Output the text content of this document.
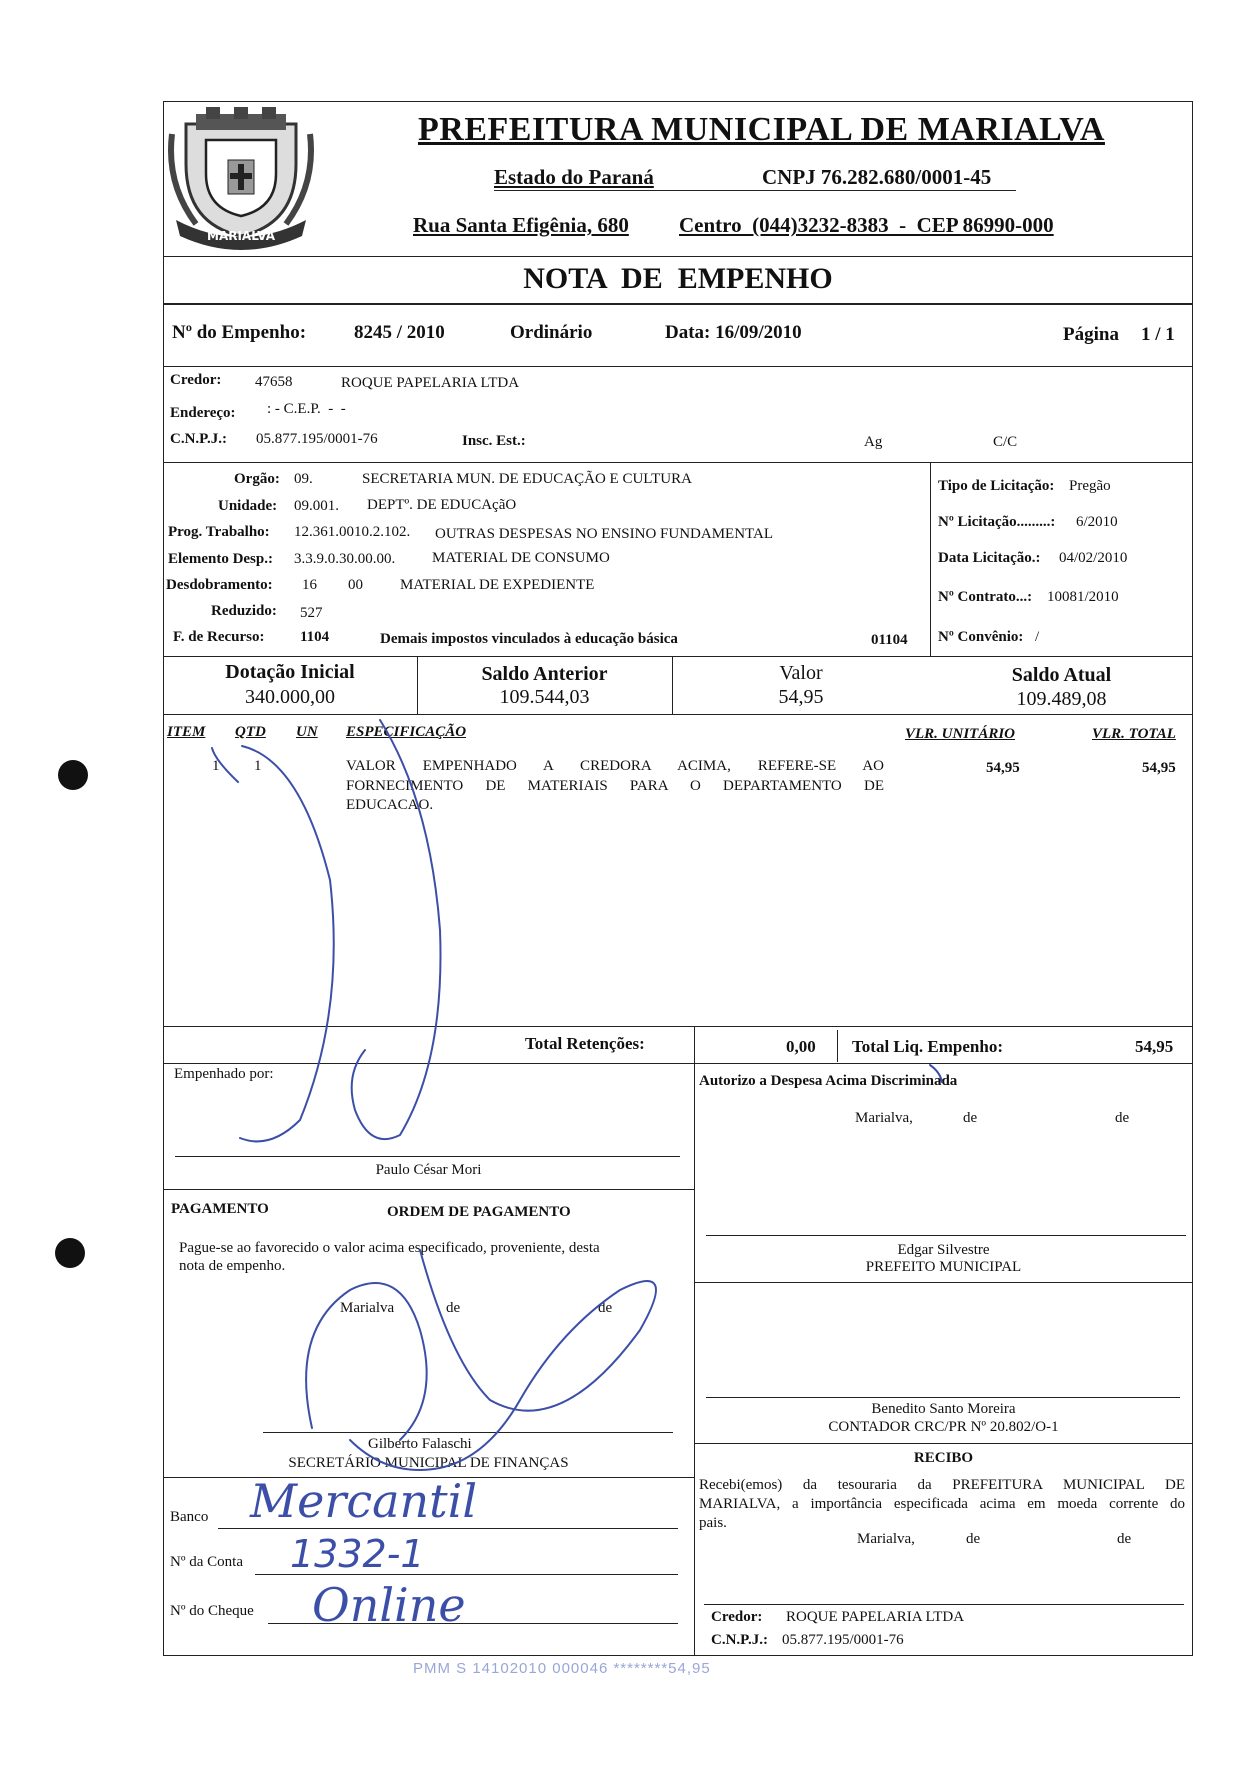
MARIALVA
PREFEITURA MUNICIPAL DE MARIALVA
Estado do Paraná	CNPJ 76.282.680/0001-45
Rua Santa Efigênia, 680 Centro  (044)3232-8383  -  CEP 86990-000
NOTA  DE  EMPENHO
Nº do Empenho:	8245 / 2010	Ordinário	Data: 16/09/2010	Página 1 / 1
Credor: 47658	ROQUE PAPELARIA LTDA
Endereço: : - C.E.P.  -  -
C.N.P.J.: 05.877.195/0001-76	Insc. Est.:	Ag	C/C
Orgão: 09.	SECRETARIA MUN. DE EDUCAÇÃO E CULTURA
Unidade: 09.001. DEPTº. DE EDUCAçãO
Prog. Trabalho: 12.361.0010.2.102. OUTRAS DESPESAS NO ENSINO FUNDAMENTAL
Elemento Desp.: 3.3.9.0.30.00.00. MATERIAL DE CONSUMO
Desdobramento: 16 00 MATERIAL DE EXPEDIENTE
Reduzido: 527
F. de Recurso: 1104	Demais impostos vinculados à educação básica	01104
Tipo de Licitação: Pregão
Nº Licitação.........: 6/2010
Data Licitação.: 04/02/2010
Nº Contrato...: 10081/2010
Nº Convênio: /
Dotação Inicial
340.000,00
Saldo Anterior
109.544,03
Valor
54,95
Saldo Atual
109.489,08
ITEM QTD UN ESPECIFICAÇÃO	VLR. UNITÁRIO	VLR. TOTAL
1 1	VALOR EMPENHADO A CREDORA ACIMA, REFERE-SE AO
FORNECIMENTO DE MATERIAIS PARA O DEPARTAMENTO DE
EDUCACAO.
54,95	54,95
Total Retenções:	0,00 Total Liq. Empenho:	54,95
Empenhado por:
Paulo César Mori
Autorizo a Despesa Acima Discriminada
Marialva,	de	de
Edgar Silvestre
PREFEITO MUNICIPAL
PAGAMENTO	ORDEM DE PAGAMENTO
Pague-se ao favorecido o valor acima especificado, proveniente, desta
nota de empenho.
Marialva	de	de
Gilberto Falaschi
SECRETÁRIO MUNICIPAL DE FINANÇAS
Benedito Santo Moreira
CONTADOR CRC/PR Nº 20.802/O-1
RECIBO
Recebi(emos) da tesouraria da PREFEITURA MUNICIPAL DE
MARIALVA, a importância especificada acima em moeda corrente do
pais.
Marialva,	de	de
Credor: ROQUE PAPELARIA LTDA
C.N.P.J.: 05.877.195/0001-76
Banco
Nº da Conta
Nº do Cheque
Mercantil
1332-1
Online
PMM S 14102010 000046 ********54,95
